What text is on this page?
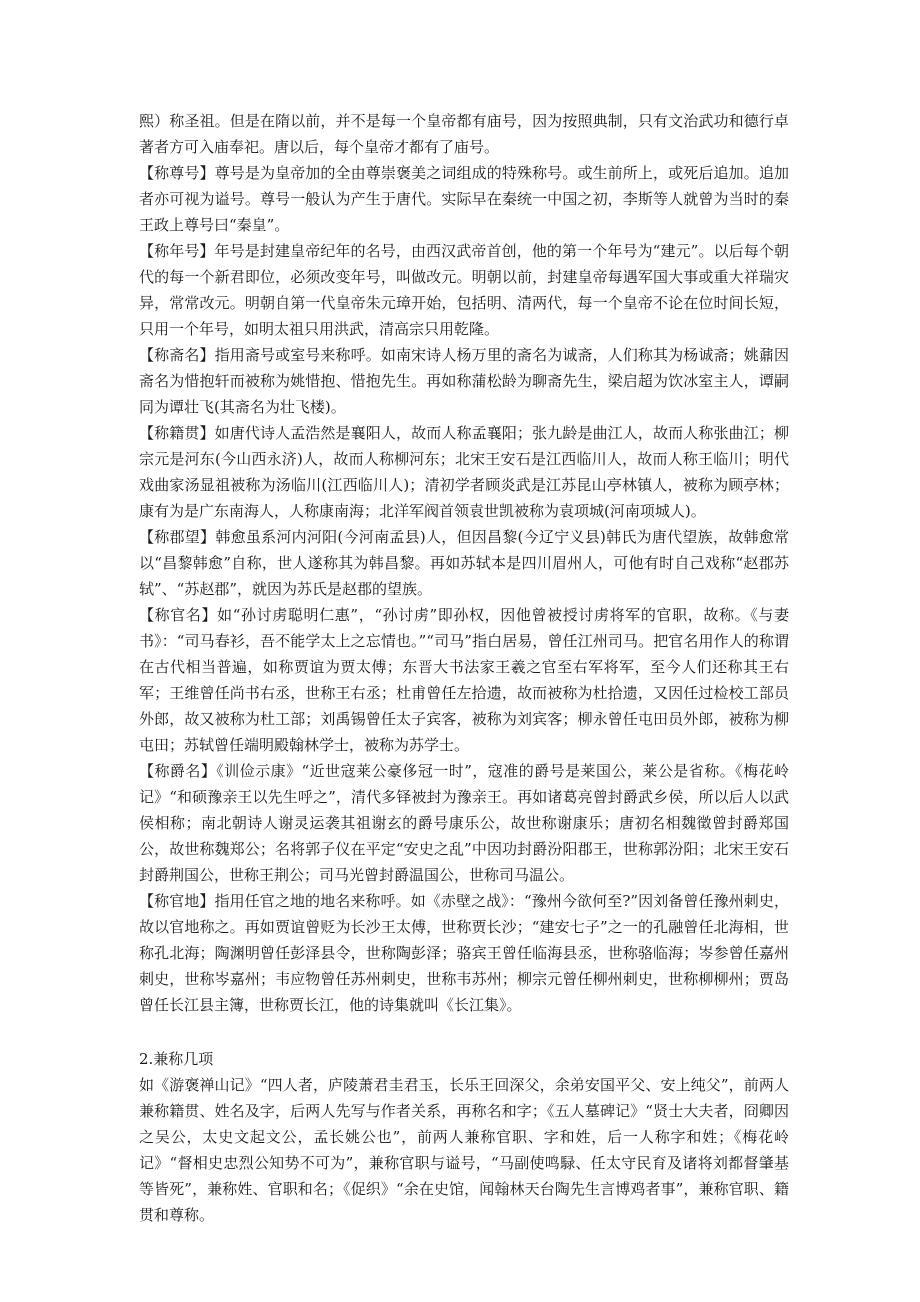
熙）称圣祖。但是在隋以前，并不是每一个皇帝都有庙号，因为按照典制，只有文治武功和德行卓著者方可入庙奉祀。唐以后，每个皇帝才都有了庙号。

【称尊号】尊号是为皇帝加的全由尊崇褒美之词组成的特殊称号。或生前所上，或死后追加。追加者亦可视为谥号。尊号一般认为产生于唐代。实际早在秦统一中国之初，李斯等人就曾为当时的秦王政上尊号曰“秦皇”。

【称年号】年号是封建皇帝纪年的名号，由西汉武帝首创，他的第一个年号为“建元”。以后每个朝代的每一个新君即位，必须改变年号，叫做改元。明朝以前，封建皇帝每遇军国大事或重大祥瑞灾异，常常改元。明朝自第一代皇帝朱元璋开始，包括明、清两代，每一个皇帝不论在位时间长短，只用一个年号，如明太祖只用洪武，清高宗只用乾隆。

【称斋名】指用斋号或室号来称呼。如南宋诗人杨万里的斋名为诚斋，人们称其为杨诚斋；姚鼐因斋名为惜抱轩而被称为姚惜抱、惜抱先生。再如称蒲松龄为聊斋先生，梁启超为饮冰室主人，谭嗣同为谭壮飞(其斋名为壮飞楼)。

【称籍贯】如唐代诗人孟浩然是襄阳人，故而人称孟襄阳；张九龄是曲江人，故而人称张曲江；柳宗元是河东(今山西永济)人，故而人称柳河东；北宋王安石是江西临川人，故而人称王临川；明代戏曲家汤显祖被称为汤临川(江西临川人)；清初学者顾炎武是江苏昆山亭林镇人，被称为顾亭林；康有为是广东南海人，人称康南海；北洋军阀首领袁世凯被称为袁项城(河南项城人)。

【称郡望】韩愈虽系河内河阳(今河南孟县)人，但因昌黎(今辽宁义县)韩氏为唐代望族，故韩愈常以“昌黎韩愈”自称，世人遂称其为韩昌黎。再如苏轼本是四川眉州人，可他有时自己戏称“赵郡苏轼”、“苏赵郡”，就因为苏氏是赵郡的望族。

【称官名】如“孙讨虏聪明仁惠”，“孙讨虏”即孙权，因他曾被授讨虏将军的官职，故称。《与妻书》：“司马春衫，吾不能学太上之忘情也。”“司马”指白居易，曾任江州司马。把官名用作人的称谓在古代相当普遍，如称贾谊为贾太傅；东晋大书法家王羲之官至右军将军，至今人们还称其王右军；王维曾任尚书右丞，世称王右丞；杜甫曾任左拾遗，故而被称为杜拾遗，又因任过检校工部员外郎，故又被称为杜工部；刘禹锡曾任太子宾客，被称为刘宾客；柳永曾任屯田员外郎，被称为柳屯田；苏轼曾任端明殿翰林学士，被称为苏学士。

【称爵名】《训俭示康》“近世寇莱公豪侈冠一时”，寇准的爵号是莱国公，莱公是省称。《梅花岭记》“和硕豫亲王以先生呼之”，清代多铎被封为豫亲王。再如诸葛亮曾封爵武乡侯，所以后人以武侯相称；南北朝诗人谢灵运袭其祖谢玄的爵号康乐公，故世称谢康乐；唐初名相魏徵曾封爵郑国公，故世称魏郑公；名将郭子仪在平定“安史之乱”中因功封爵汾阳郡王，世称郭汾阳；北宋王安石封爵荆国公，世称王荆公；司马光曾封爵温国公，世称司马温公。

【称官地】指用任官之地的地名来称呼。如《赤壁之战》：“豫州今欲何至?”因刘备曾任豫州刺史，故以官地称之。再如贾谊曾贬为长沙王太傅，世称贾长沙；“建安七子”之一的孔融曾任北海相，世称孔北海；陶渊明曾任彭泽县令，世称陶彭泽；骆宾王曾任临海县丞，世称骆临海；岑参曾任嘉州刺史，世称岑嘉州；韦应物曾任苏州刺史，世称韦苏州；柳宗元曾任柳州刺史，世称柳柳州；贾岛曾任长江县主簿，世称贾长江，他的诗集就叫《长江集》。

2.兼称几项

如《游褒禅山记》“四人者，庐陵萧君圭君玉，长乐王回深父，余弟安国平父、安上纯父”，前两人兼称籍贯、姓名及字，后两人先写与作者关系，再称名和字；《五人墓碑记》“贤士大夫者，冏卿因之吴公，太史文起文公，孟长姚公也”，前两人兼称官职、字和姓，后一人称字和姓；《梅花岭记》“督相史忠烈公知势不可为”，兼称官职与谥号，“马副使鸣騄、任太守民育及诸将刘都督肇基等皆死”，兼称姓、官职和名；《促织》“余在史馆，闻翰林天台陶先生言博鸡者事”，兼称官职、籍贯和尊称。
